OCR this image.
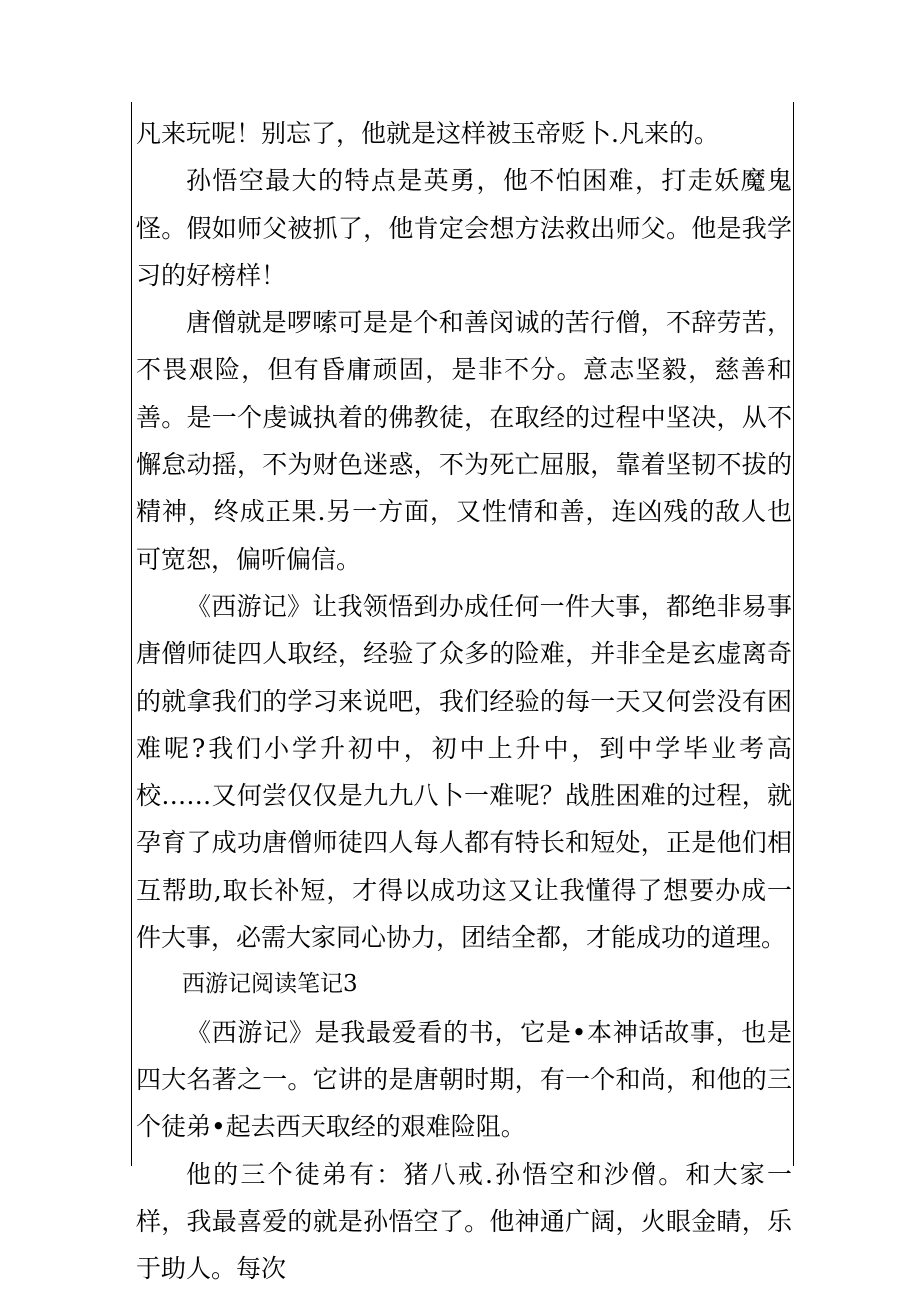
凡来玩呢！别忘了，他就是这样被玉帝贬卜.凡来的。

孙悟空最大的特点是英勇，他不怕困难，打走妖魔鬼怪。假如师父被抓了，他肯定会想方法救出师父。他是我学习的好榜样！

唐僧就是啰嗦可是是个和善闵诚的苦行僧，不辞劳苦，不畏艰险，但有昏庸顽固，是非不分。意志坚毅，慈善和善。是一个虔诚执着的佛教徒，在取经的过程中坚决，从不懈怠动摇，不为财色迷惑，不为死亡屈服，靠着坚韧不拔的精神，终成正果.另一方面，又性情和善，连凶残的敌人也可宽恕，偏听偏信。

《西游记》让我领悟到办成任何一件大事，都绝非易事唐僧师徒四人取经，经验了众多的险难，并非全是玄虚离奇的就拿我们的学习来说吧，我们经验的每一天又何尝没有困难呢?我们小学升初中，初中上升中，到中学毕业考高校……又何尝仅仅是九九八卜一难呢？战胜困难的过程，就孕育了成功唐僧师徒四人每人都有特长和短处，正是他们相互帮助,取长补短，才得以成功这又让我懂得了想要办成一件大事，必需大家同心协力，团结全都，才能成功的道理。

西游记阅读笔记3

《西游记》是我最爱看的书，它是•本神话故事，也是四大名著之一。它讲的是唐朝时期，有一个和尚，和他的三个徒弟•起去西天取经的艰难险阻。

他的三个徒弟有：猪八戒.孙悟空和沙僧。和大家一样，我最喜爱的就是孙悟空了。他神通广阔，火眼金睛，乐于助人。每次
